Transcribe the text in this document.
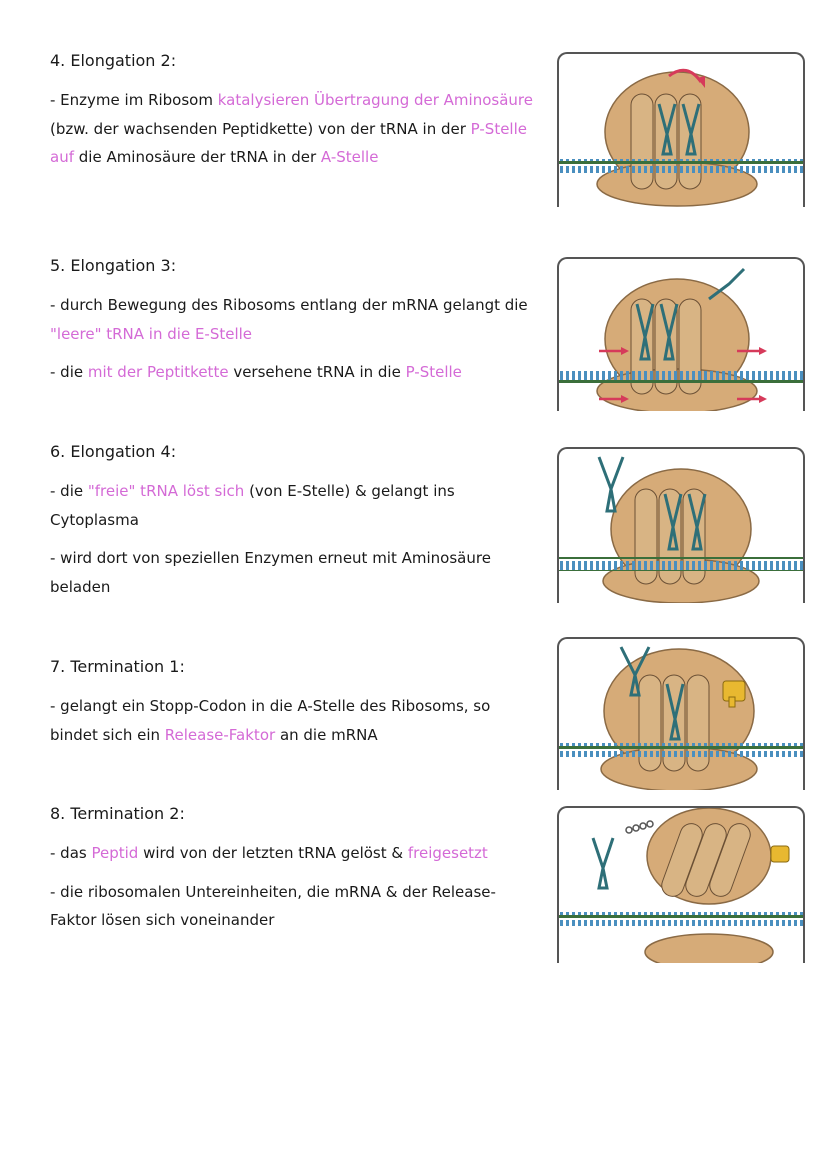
4. Elongation 2:

- Enzyme im Ribosom katalysieren Übertragung der Aminosäure (bzw. der wachsenden Peptidkette) von der tRNA in der P-Stelle auf die Aminosäure der tRNA in der A-Stelle

5. Elongation 3:

- durch Bewegung des Ribosoms entlang der mRNA gelangt die "leere" tRNA in die E-Stelle

- die mit der Peptitkette versehene tRNA in die P-Stelle

6. Elongation 4:

- die "freie" tRNA löst sich (von E-Stelle) & gelangt ins Cytoplasma

- wird dort von speziellen Enzymen erneut mit Aminosäure beladen

7. Termination 1:

- gelangt ein Stopp-Codon in die A-Stelle des Ribosoms, so bindet sich ein Release-Faktor an die mRNA

8. Termination 2:

- das Peptid wird von der letzten tRNA gelöst & freigesetzt

- die ribosomalen Untereinheiten, die mRNA & der Release-Faktor lösen sich voneinander
